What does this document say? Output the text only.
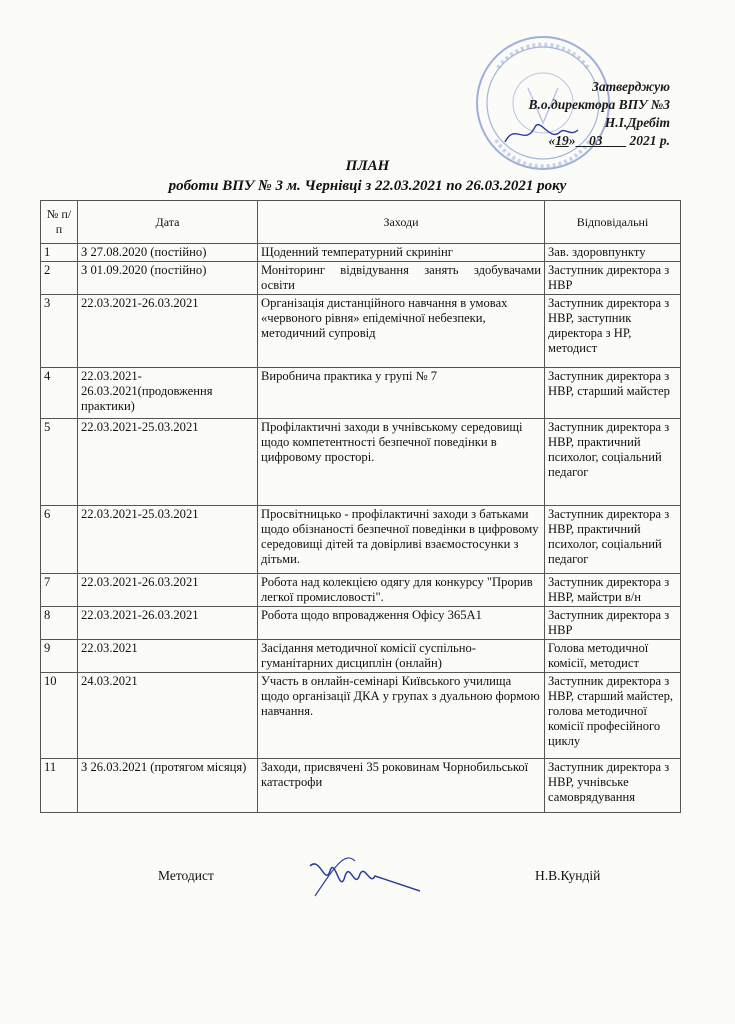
Затверджую
В.о.директора ВПУ №3
Н.І.Дребіт
«19» 03 2021 р.
ПЛАН
роботи ВПУ № 3 м. Чернівці з 22.03.2021 по 26.03.2021 року
№ п/п	Дата	Заходи	Відповідальні
1	З 27.08.2020 (постійно)	Щоденний температурний скринінг	Зав. здоровпункту
2	З 01.09.2020 (постійно)	Моніторинг відвідування занять здобувачами освіти	Заступник директора з НВР
3	22.03.2021-26.03.2021	Організація дистанційного навчання в умовах «червоного рівня» епідемічної небезпеки, методичний супровід	Заступник директора з НВР, заступник директора з НР, методист
4	22.03.2021-26.03.2021(продовження практики)	Виробнича практика у групі № 7	Заступник директора з НВР, старший майстер
5	22.03.2021-25.03.2021	Профілактичні заходи в учнівському середовищі щодо компетентності безпечної поведінки в цифровому просторі.	Заступник директора з НВР, практичний психолог, соціальний педагог
6	22.03.2021-25.03.2021	Просвітницько - профілактичні заходи з батьками щодо обізнаності безпечної поведінки в цифровому середовищі дітей та довірливі взаємостосунки з дітьми.	Заступник директора з НВР, практичний психолог, соціальний педагог
7	22.03.2021-26.03.2021	Робота над колекцією одягу для конкурсу "Прорив легкої промисловості".	Заступник директора з НВР, майстри в/н
8	22.03.2021-26.03.2021	Робота щодо впровадження Офісу 365А1	Заступник директора з НВР
9	22.03.2021	Засідання методичної комісії суспільно-гуманітарних дисциплін (онлайн)	Голова методичної комісії, методист
10	24.03.2021	Участь в онлайн-семінарі Київського училища щодо організації ДКА у групах з дуальною формою навчання.	Заступник директора з НВР, старший майстер, голова методичної комісії професійного циклу
11	З 26.03.2021 (протягом місяця)	Заходи, присвячені 35 роковинам Чорнобильської катастрофи	Заступник директора з НВР, учнівське самоврядування
Методист	Н.В.Кундій
